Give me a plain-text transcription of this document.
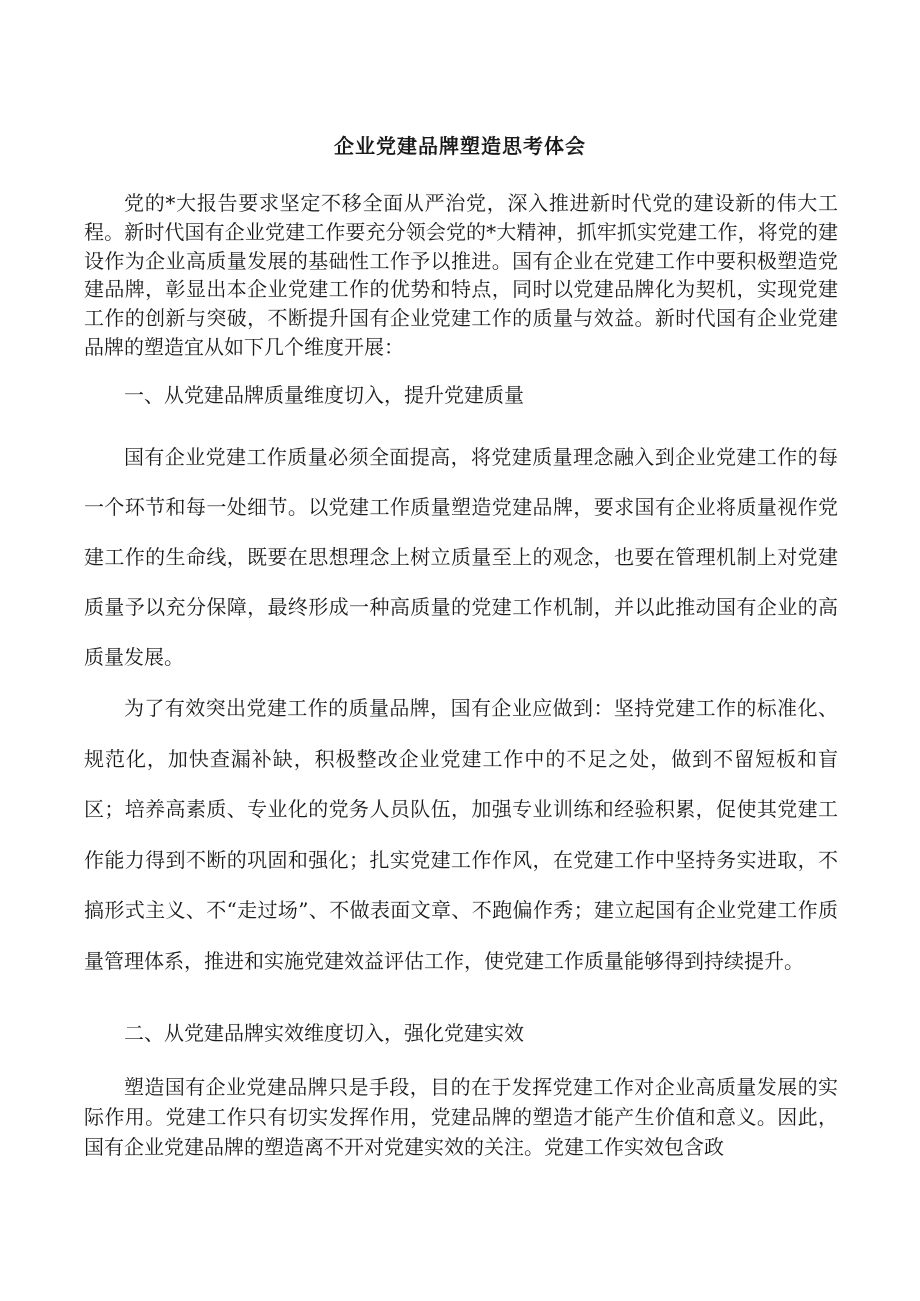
企业党建品牌塑造思考体会

党的*大报告要求坚定不移全面从严治党，深入推进新时代党的建设新的伟大工程。新时代国有企业党建工作要充分领会党的*大精神，抓牢抓实党建工作，将党的建设作为企业高质量发展的基础性工作予以推进。国有企业在党建工作中要积极塑造党建品牌，彰显出本企业党建工作的优势和特点，同时以党建品牌化为契机，实现党建工作的创新与突破，不断提升国有企业党建工作的质量与效益。新时代国有企业党建品牌的塑造宜从如下几个维度开展：

一、从党建品牌质量维度切入，提升党建质量

国有企业党建工作质量必须全面提高，将党建质量理念融入到企业党建工作的每一个环节和每一处细节。以党建工作质量塑造党建品牌，要求国有企业将质量视作党建工作的生命线，既要在思想理念上树立质量至上的观念，也要在管理机制上对党建质量予以充分保障，最终形成一种高质量的党建工作机制，并以此推动国有企业的高质量发展。

为了有效突出党建工作的质量品牌，国有企业应做到：坚持党建工作的标准化、规范化，加快查漏补缺，积极整改企业党建工作中的不足之处，做到不留短板和盲区；培养高素质、专业化的党务人员队伍，加强专业训练和经验积累，促使其党建工作能力得到不断的巩固和强化；扎实党建工作作风，在党建工作中坚持务实进取，不搞形式主义、不“走过场”、不做表面文章、不跑偏作秀；建立起国有企业党建工作质量管理体系，推进和实施党建效益评估工作，使党建工作质量能够得到持续提升。

二、从党建品牌实效维度切入，强化党建实效

塑造国有企业党建品牌只是手段，目的在于发挥党建工作对企业高质量发展的实际作用。党建工作只有切实发挥作用，党建品牌的塑造才能产生价值和意义。因此，国有企业党建品牌的塑造离不开对党建实效的关注。党建工作实效包含政
